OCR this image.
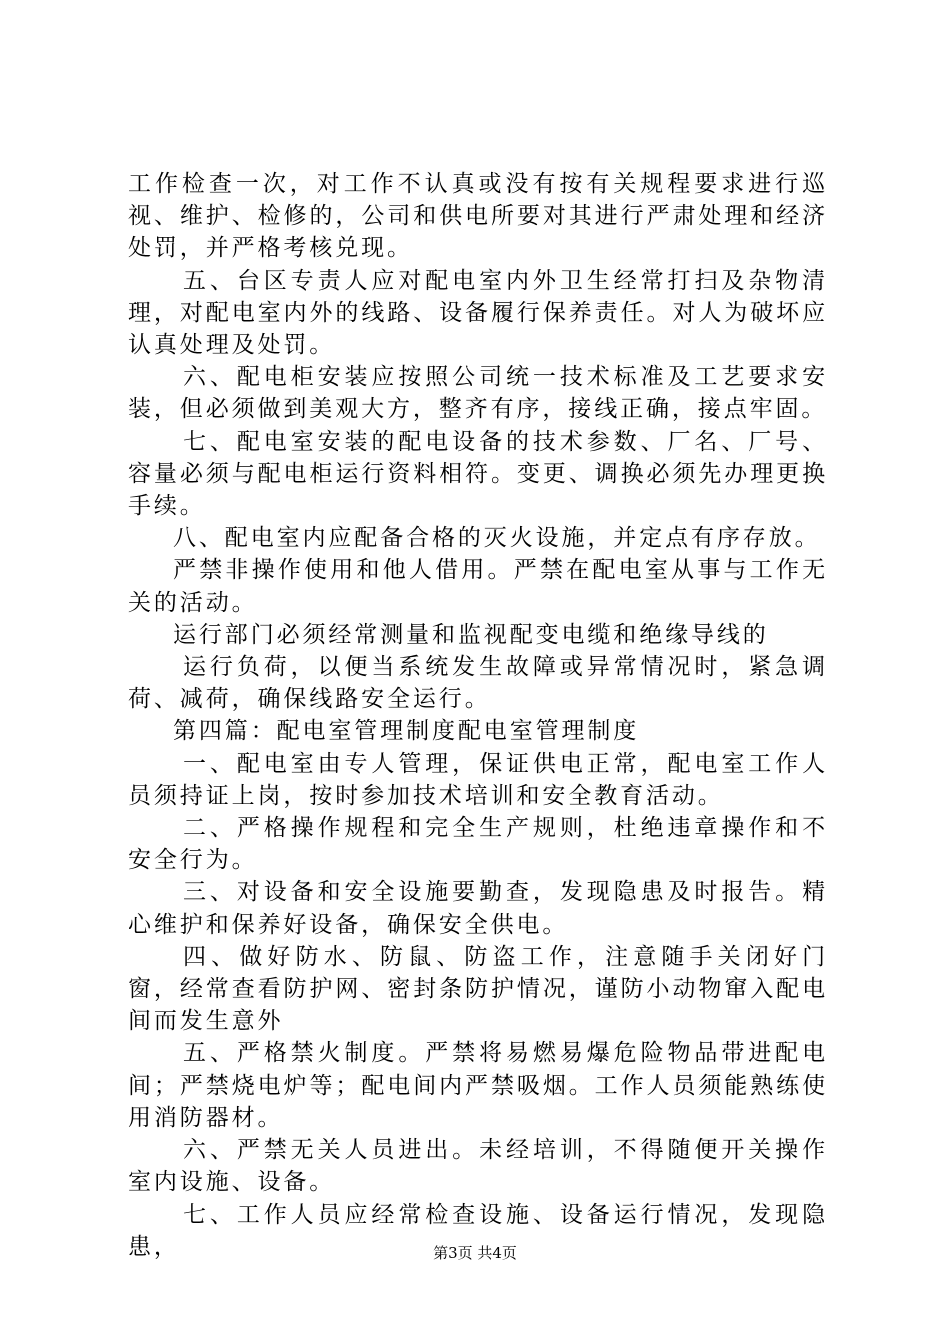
工作检查一次，对工作不认真或没有按有关规程要求进行巡视、维护、检修的，公司和供电所要对其进行严肃处理和经济处罚，并严格考核兑现。

五、台区专责人应对配电室内外卫生经常打扫及杂物清理，对配电室内外的线路、设备履行保养责任。对人为破坏应认真处理及处罚。

六、配电柜安装应按照公司统一技术标准及工艺要求安装，但必须做到美观大方，整齐有序，接线正确，接点牢固。

七、配电室安装的配电设备的技术参数、厂名、厂号、容量必须与配电柜运行资料相符。变更、调换必须先办理更换手续。

八、配电室内应配备合格的灭火设施，并定点有序存放。

严禁非操作使用和他人借用。严禁在配电室从事与工作无关的活动。

运行部门必须经常测量和监视配变电缆和绝缘导线的

运行负荷，以便当系统发生故障或异常情况时，紧急调荷、减荷，确保线路安全运行。

第四篇：配电室管理制度配电室管理制度

一、配电室由专人管理，保证供电正常，配电室工作人员须持证上岗，按时参加技术培训和安全教育活动。

二、严格操作规程和完全生产规则，杜绝违章操作和不安全行为。

三、对设备和安全设施要勤查，发现隐患及时报告。精心维护和保养好设备，确保安全供电。

四、做好防水、防鼠、防盗工作，注意随手关闭好门窗，经常查看防护网、密封条防护情况，谨防小动物窜入配电间而发生意外

五、严格禁火制度。严禁将易燃易爆危险物品带进配电间；严禁烧电炉等；配电间内严禁吸烟。工作人员须能熟练使用消防器材。

六、严禁无关人员进出。未经培训，不得随便开关操作室内设施、设备。

七、工作人员应经常检查设施、设备运行情况，发现隐患，	第3页 共4页
